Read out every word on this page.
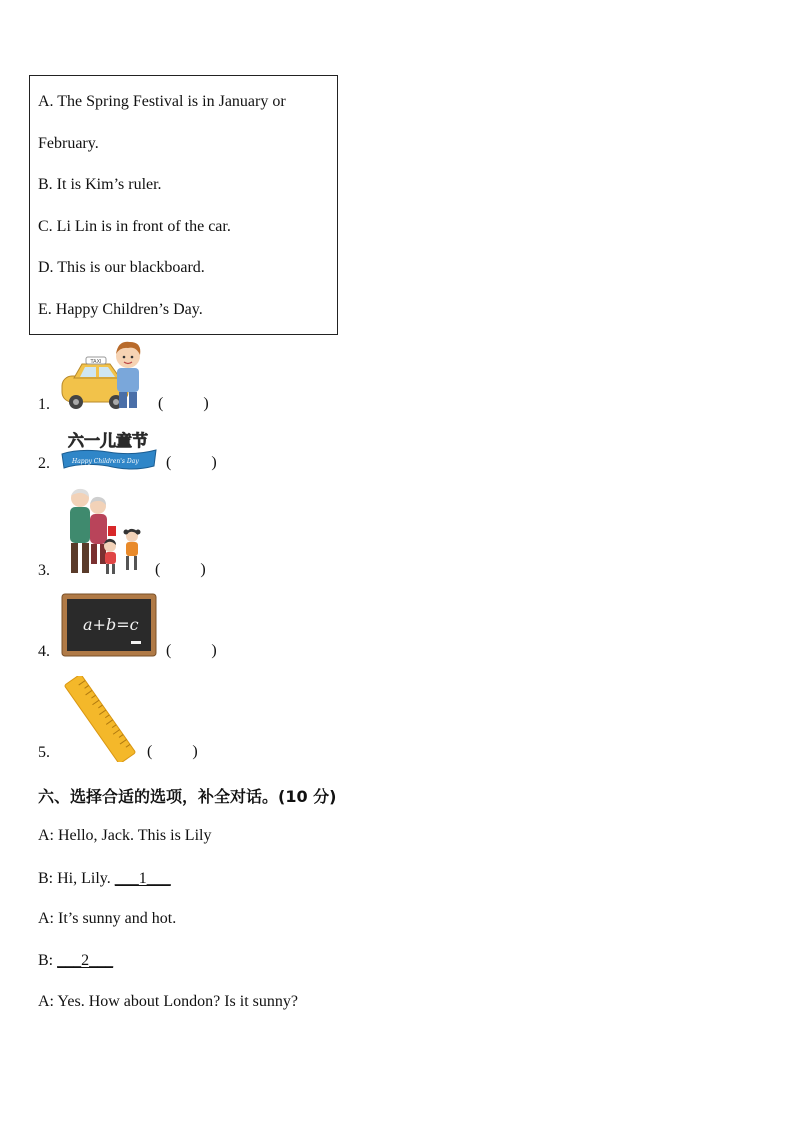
A. The Spring Festival is in January or
February.
B. It is Kim’s ruler.
C. Li Lin is in front of the car.
D. This is our blackboard.
E. Happy Children’s Day.
1.
TAXI
(          )
2.
六一儿童节
Happy Children's Day (          )
3.	(          )
4.
a+b=c
(          )
5.	(          )
六、选择合适的选项，补全对话。(10 分)
A: Hello, Jack. This is Lily
B: Hi, Lily. ___1___
A: It’s sunny and hot.
B: ___2___
A: Yes. How about London? Is it sunny?
